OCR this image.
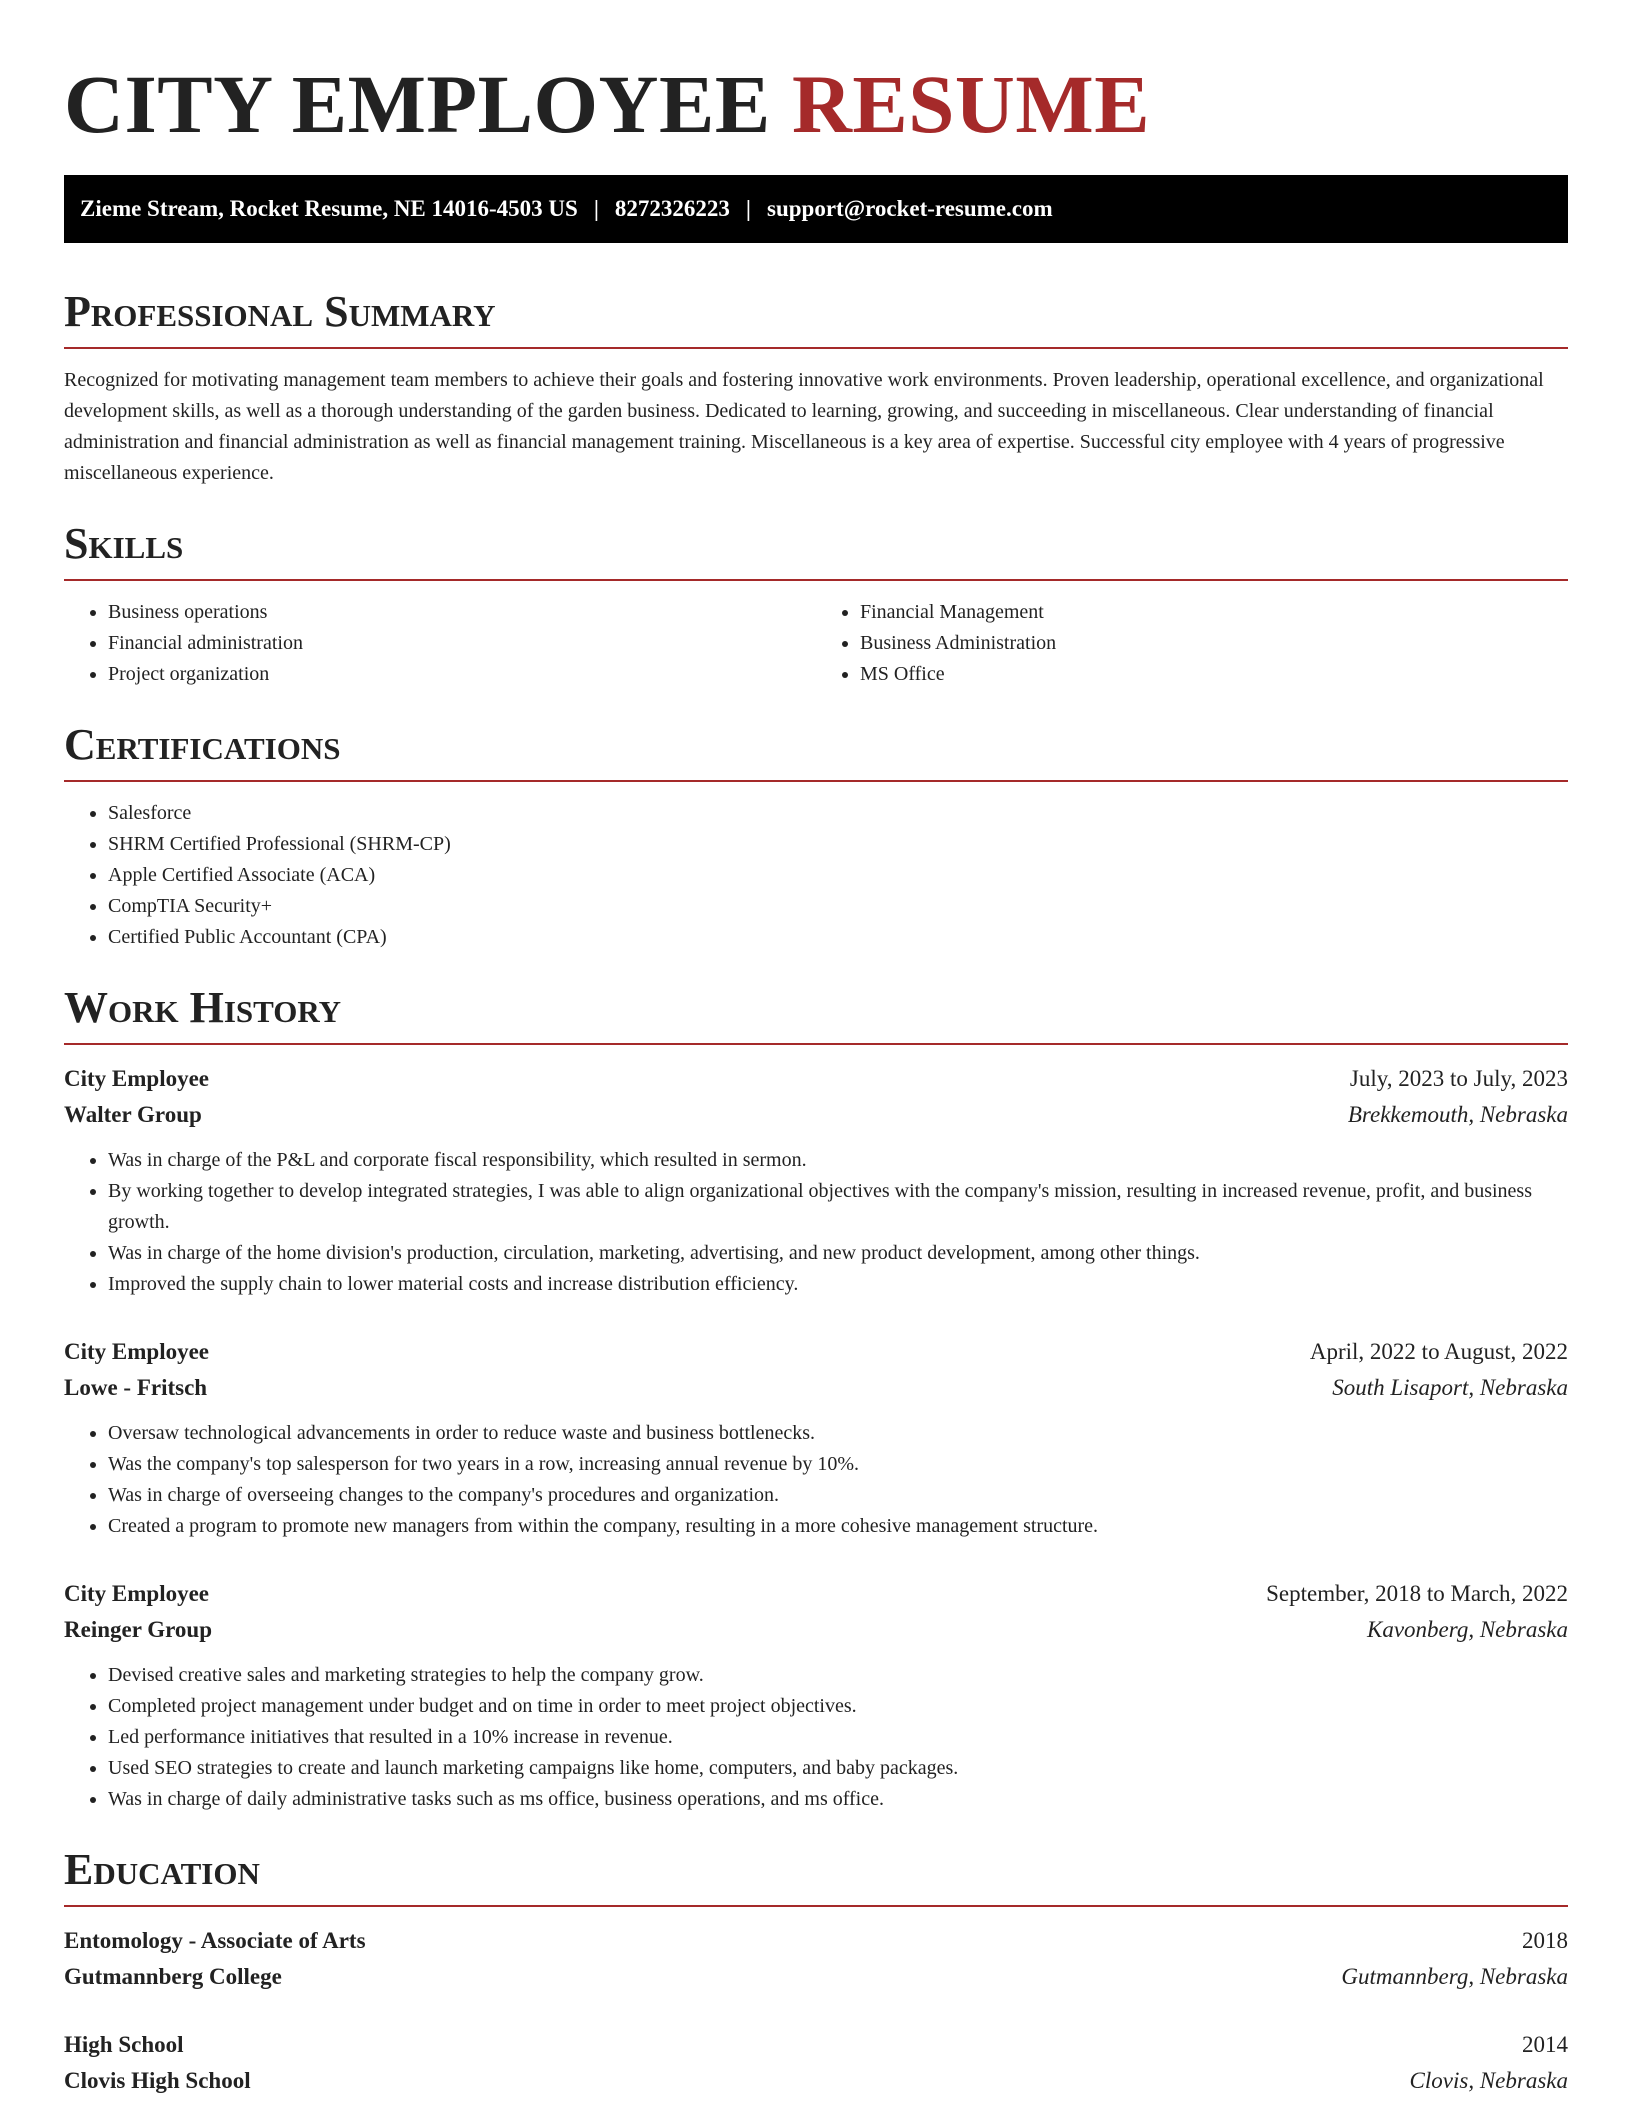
CITY EMPLOYEE RESUME
Zieme Stream, Rocket Resume, NE 14016-4503 US | 8272326223 | support@rocket-resume.com
Professional Summary

Recognized for motivating management team members to achieve their goals and fostering innovative work environments. Proven leadership, operational excellence, and organizational development skills, as well as a thorough understanding of the garden business. Dedicated to learning, growing, and succeeding in miscellaneous. Clear understanding of financial administration and financial administration as well as financial management training. Miscellaneous is a key area of expertise. Successful city employee with 4 years of progressive miscellaneous experience.

Skills
• Business operations
• Financial administration
• Project organization
• Financial Management
• Business Administration
• MS Office
Certifications
• Salesforce
• SHRM Certified Professional (SHRM-CP)
• Apple Certified Associate (ACA)
• CompTIA Security+
• Certified Public Accountant (CPA)
Work History
City Employee	July, 2023 to July, 2023
Walter Group	Brekkemouth, Nebraska
• Was in charge of the P&L and corporate fiscal responsibility, which resulted in sermon.
• By working together to develop integrated strategies, I was able to align organizational objectives with the company's mission, resulting in increased revenue, profit, and business growth.
• Was in charge of the home division's production, circulation, marketing, advertising, and new product development, among other things.
• Improved the supply chain to lower material costs and increase distribution efficiency.
City Employee	April, 2022 to August, 2022
Lowe - Fritsch	South Lisaport, Nebraska
• Oversaw technological advancements in order to reduce waste and business bottlenecks.
• Was the company's top salesperson for two years in a row, increasing annual revenue by 10%.
• Was in charge of overseeing changes to the company's procedures and organization.
• Created a program to promote new managers from within the company, resulting in a more cohesive management structure.
City Employee	September, 2018 to March, 2022
Reinger Group	Kavonberg, Nebraska
• Devised creative sales and marketing strategies to help the company grow.
• Completed project management under budget and on time in order to meet project objectives.
• Led performance initiatives that resulted in a 10% increase in revenue.
• Used SEO strategies to create and launch marketing campaigns like home, computers, and baby packages.
• Was in charge of daily administrative tasks such as ms office, business operations, and ms office.
Education
Entomology - Associate of Arts	2018
Gutmannberg College	Gutmannberg, Nebraska
High School	2014
Clovis High School	Clovis, Nebraska
